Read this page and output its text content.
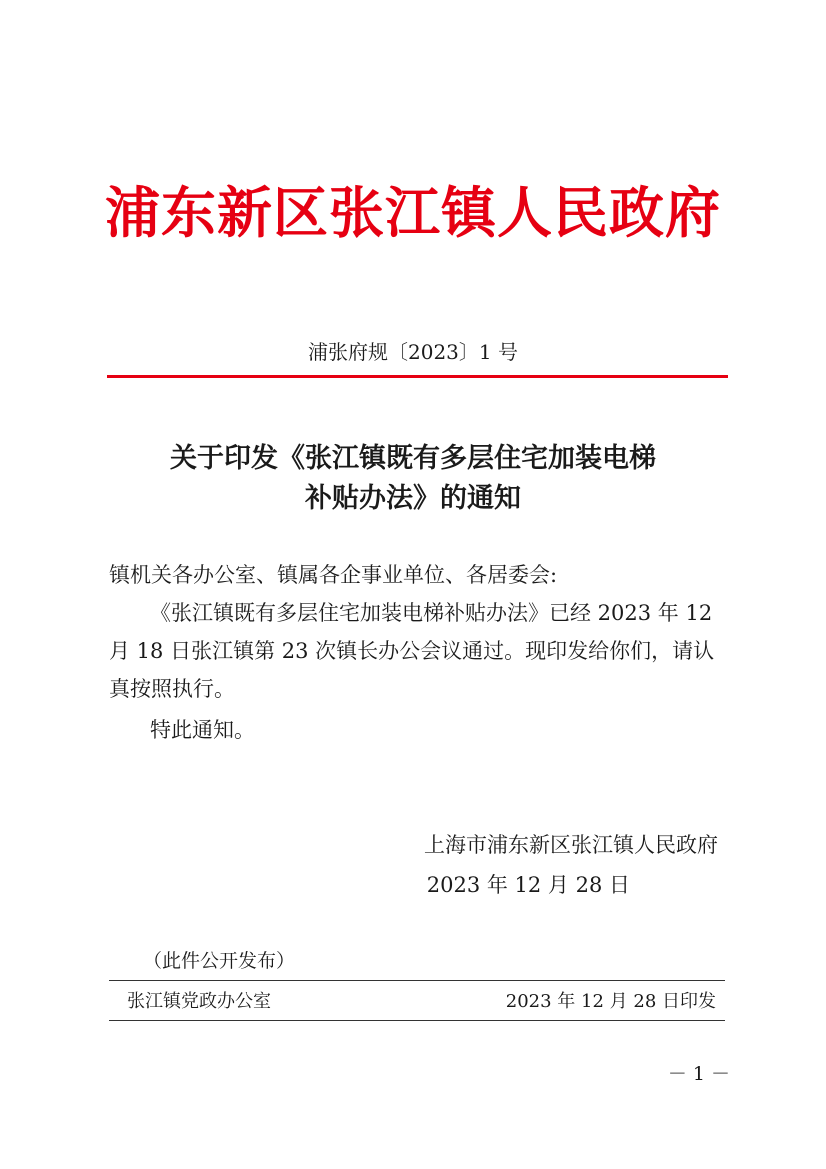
浦东新区张江镇人民政府
浦张府规〔2023〕1 号
关于印发《张江镇既有多层住宅加装电梯
补贴办法》的通知
镇机关各办公室、镇属各企事业单位、各居委会:
《张江镇既有多层住宅加装电梯补贴办法》已经 2023 年 12
月 18 日张江镇第 23 次镇长办公会议通过。现印发给你们，请认
真按照执行。
特此通知。
上海市浦东新区张江镇人民政府
2023 年 12 月 28 日
（此件公开发布）
张江镇党政办公室	2023 年 12 月 28 日印发
－ 1 －
